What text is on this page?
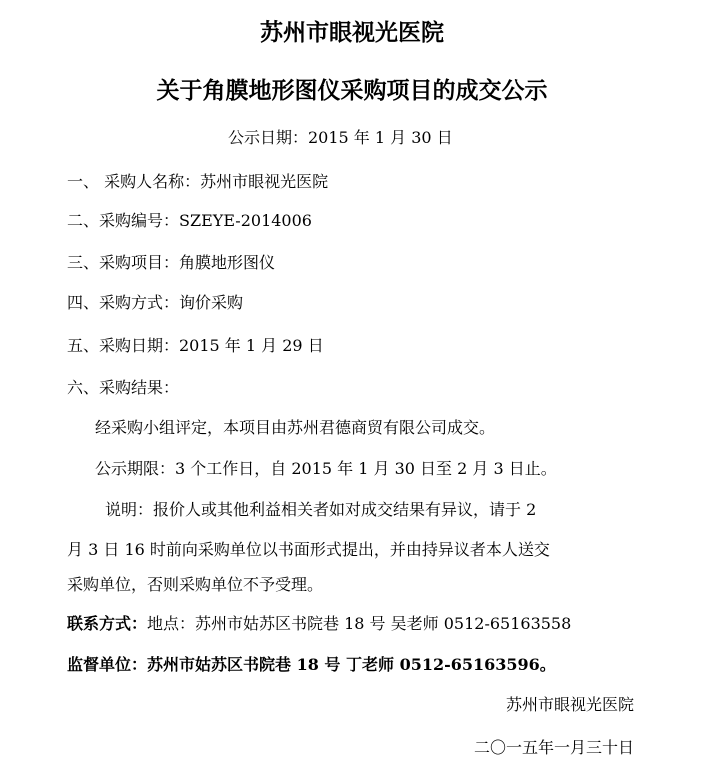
苏州市眼视光医院
关于角膜地形图仪采购项目的成交公示

公示日期：2015 年 1 月 30 日

一、 采购人名称：苏州市眼视光医院

二、采购编号：SZEYE-2014006

三、采购项目：角膜地形图仪

四、采购方式：询价采购

五、采购日期：2015 年 1 月 29 日

六、采购结果：

经采购小组评定，本项目由苏州君德商贸有限公司成交。

公示期限：3 个工作日，自 2015 年 1 月 30 日至 2 月 3 日止。

说明：报价人或其他利益相关者如对成交结果有异议，请于 2

月 3 日 16 时前向采购单位以书面形式提出，并由持异议者本人送交

采购单位，否则采购单位不予受理。

联系方式：地点：苏州市姑苏区书院巷 18 号 吴老师 0512-65163558
监督单位：苏州市姑苏区书院巷 18 号 丁老师 0512-65163596。

苏州市眼视光医院

二〇一五年一月三十日
